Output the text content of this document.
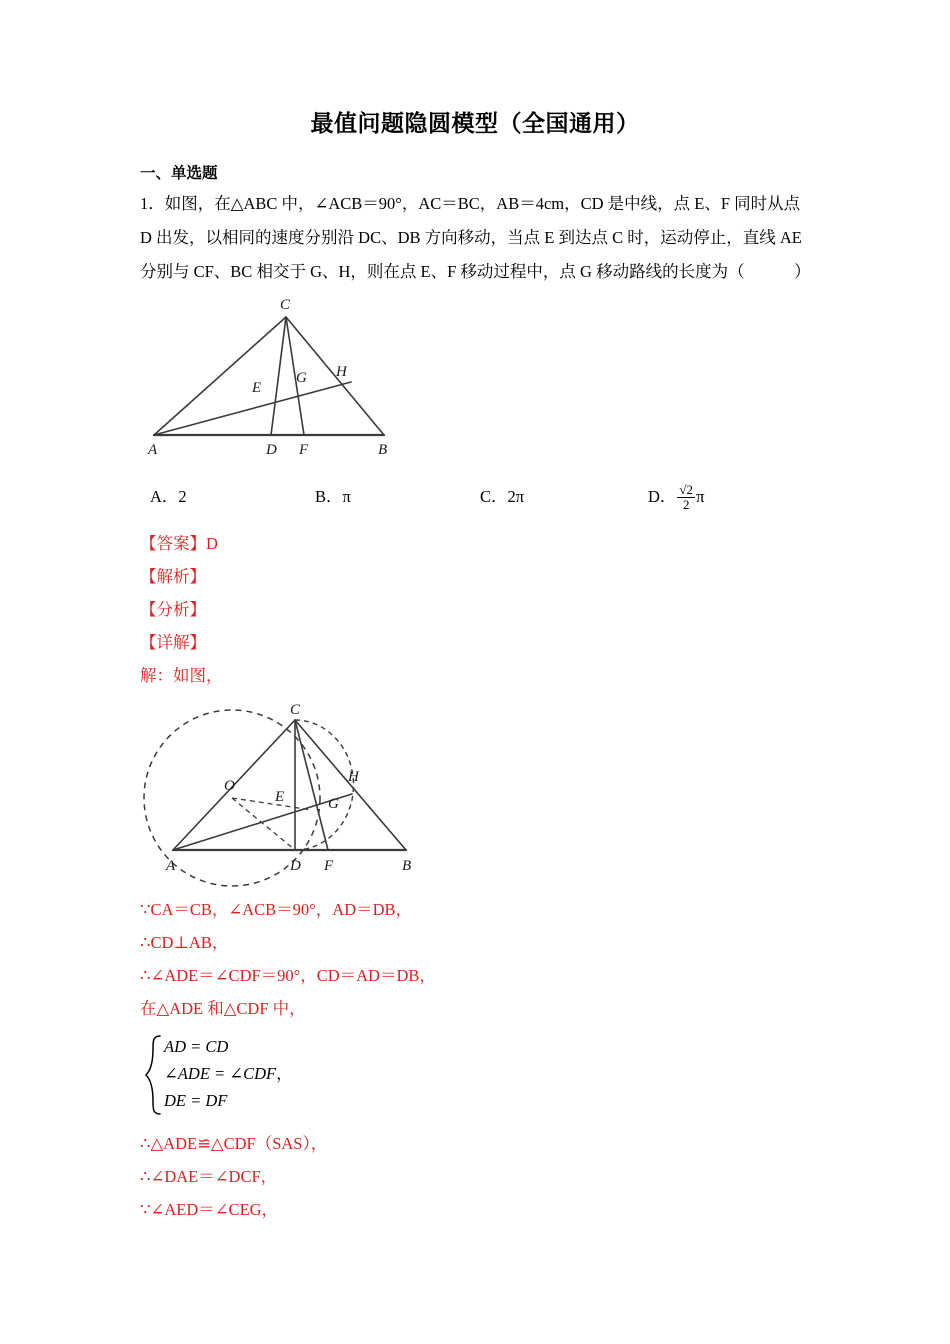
最值问题隐圆模型（全国通用）
一、单选题
1．如图，在△ABC 中，∠ACB＝90°，AC＝BC，AB＝4cm，CD 是中线，点 E、F 同时从点
D 出发，以相同的速度分别沿 DC、DB 方向移动，当点 E 到达点 C 时，运动停止，直线 AE
分别与 CF、BC 相交于 G、H，则在点 E、F 移动过程中，点 G 移动路线的长度为（　　　）
C
A	D F	B
E
G H
A．2	B．π	C．2π	D． $\frac{√2}{2}$ π
【答案】D
【解析】
【分析】
【详解】
解：如图，
C
A	D F	B
O
E	G
H
∵CA＝CB，∠ACB＝90°，AD＝DB，
∴CD⊥AB，
∴∠ADE＝∠CDF＝90°，CD＝AD＝DB，
在△ADE 和△CDF 中，
AD = CD
∠ADE = ∠CDF，
DE = DF
∴△ADE≌△CDF（SAS），
∴∠DAE＝∠DCF，
∵∠AED＝∠CEG，
